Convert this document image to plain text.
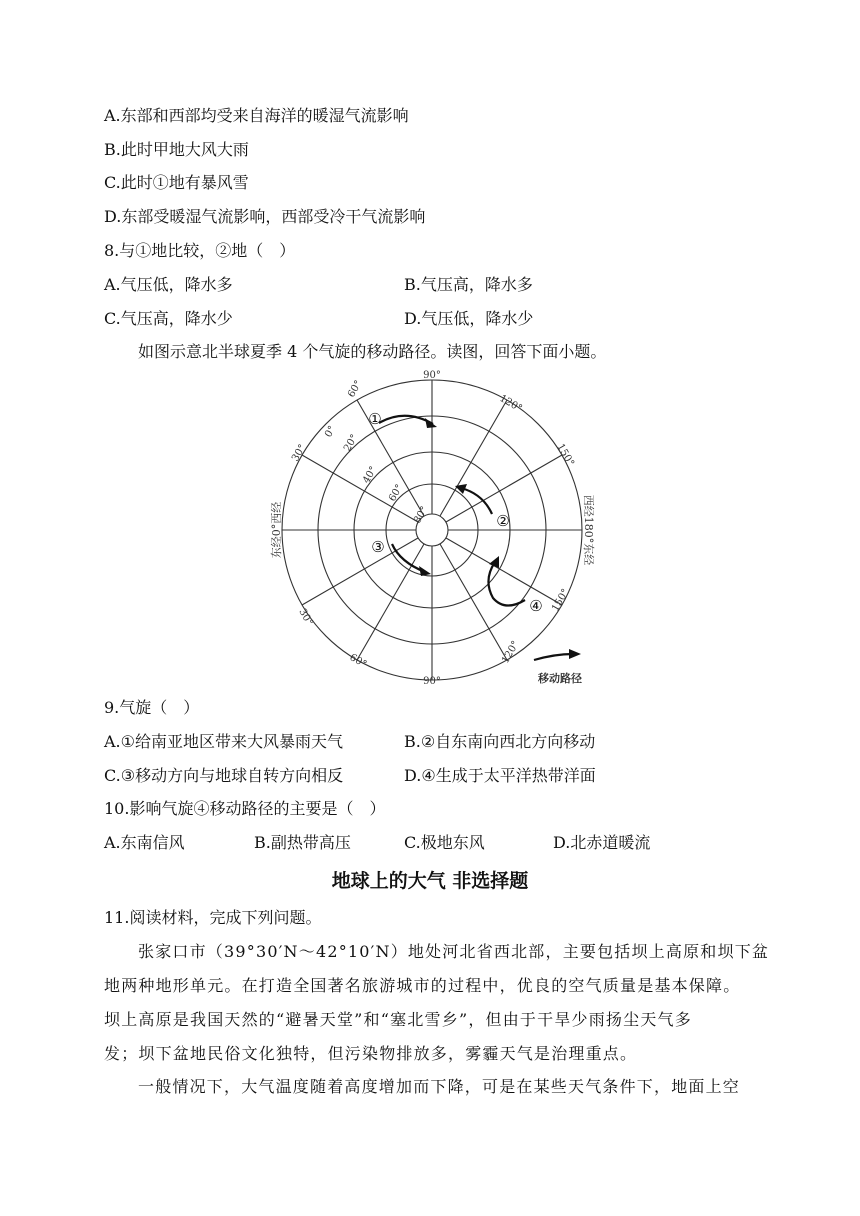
A.东部和西部均受来自海洋的暖湿气流影响
B.此时甲地大风大雨
C.此时①地有暴风雪
D.东部受暖湿气流影响，西部受冷干气流影响
8.与①地比较，②地（　）
A.气压低，降水多	B.气压高，降水多
C.气压高，降水少	D.气压低，降水少
如图示意北半球夏季 4 个气旋的移动路径。读图，回答下面小题。
90°
90°
60°
0°
30°
30°
60°
120°
150°
150°
120°
20°
40°
60°
80°
东经0°西经	西经180°东经
①
②
③
④
移动路径
9.气旋（　）
A.①给南亚地区带来大风暴雨天气	B.②自东南向西北方向移动
C.③移动方向与地球自转方向相反	D.④生成于太平洋热带洋面
10.影响气旋④移动路径的主要是（　）
A.东南信风	B.副热带高压	C.极地东风	D.北赤道暖流
地球上的大气 非选择题
11.阅读材料，完成下列问题。
张家口市（39°30′N～42°10′N）地处河北省西北部，主要包括坝上高原和坝下盆
地两种地形单元。在打造全国著名旅游城市的过程中，优良的空气质量是基本保障。
坝上高原是我国天然的“避暑天堂”和“塞北雪乡”，但由于干旱少雨扬尘天气多
发；坝下盆地民俗文化独特，但污染物排放多，雾霾天气是治理重点。
一般情况下，大气温度随着高度增加而下降，可是在某些天气条件下，地面上空
